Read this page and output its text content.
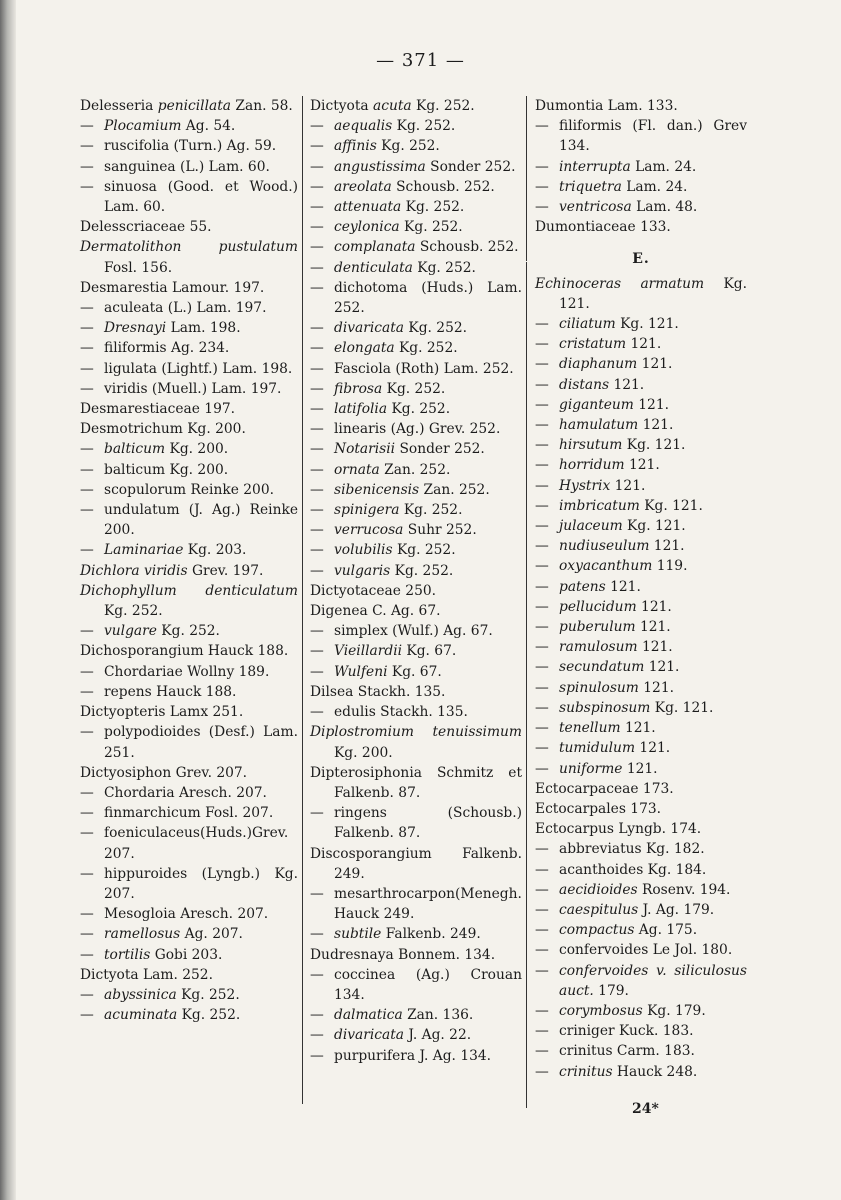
— 371 —
Delesseria penicillata Zan. 58.
— Plocamium Ag. 54.
— ruscifolia (Turn.) Ag. 59.
— sanguinea (L.) Lam. 60.
— sinuosa (Good. et Wood.) Lam. 60.
Delesscriaceae 55.
Dermatolithon pustulatum Fosl. 156.
Desmarestia Lamour. 197.
— aculeata (L.) Lam. 197.
— Dresnayi Lam. 198.
— filiformis Ag. 234.
— ligulata (Lightf.) Lam. 198.
— viridis (Muell.) Lam. 197.
Desmarestiaceae 197.
Desmotrichum Kg. 200.
— balticum Kg. 200.
— balticum Kg. 200.
— scopulorum Reinke 200.
— undulatum (J. Ag.) Reinke 200.
— Laminariae Kg. 203.
Dichlora viridis Grev. 197.
Dichophyllum denticulatum Kg. 252.
— vulgare Kg. 252.
Dichosporangium Hauck 188.
— Chordariae Wollny 189.
— repens Hauck 188.
Dictyopteris Lamx 251.
— polypodioides (Desf.) Lam. 251.
Dictyosiphon Grev. 207.
— Chordaria Aresch. 207.
— finmarchicum Fosl. 207.
— foeniculaceus(Huds.)Grev. 207.
— hippuroides (Lyngb.) Kg. 207.
— Mesogloia Aresch. 207.
— ramellosus Ag. 207.
— tortilis Gobi 203.
Dictyota Lam. 252.
— abyssinica Kg. 252.
— acuminata Kg. 252.
Dictyota acuta Kg. 252.
— aequalis Kg. 252.
— affinis Kg. 252.
— angustissima Sonder 252.
— areolata Schousb. 252.
— attenuata Kg. 252.
— ceylonica Kg. 252.
— complanata Schousb. 252.
— denticulata Kg. 252.
— dichotoma (Huds.) Lam. 252.
— divaricata Kg. 252.
— elongata Kg. 252.
— Fasciola (Roth) Lam. 252.
— fibrosa Kg. 252.
— latifolia Kg. 252.
— linearis (Ag.) Grev. 252.
— Notarisii Sonder 252.
— ornata Zan. 252.
— sibenicensis Zan. 252.
— spinigera Kg. 252.
— verrucosa Suhr 252.
— volubilis Kg. 252.
— vulgaris Kg. 252.
Dictyotaceae 250.
Digenea C. Ag. 67.
— simplex (Wulf.) Ag. 67.
— Vieillardii Kg. 67.
— Wulfeni Kg. 67.
Dilsea Stackh. 135.
— edulis Stackh. 135.
Diplostromium tenuissimum Kg. 200.
Dipterosiphonia Schmitz et Falkenb. 87.
— ringens (Schousb.) Falkenb. 87.
Discosporangium Falkenb. 249.
— mesarthrocarpon(Menegh. Hauck 249.
— subtile Falkenb. 249.
Dudresnaya Bonnem. 134.
— coccinea (Ag.) Crouan 134.
— dalmatica Zan. 136.
— divaricata J. Ag. 22.
— purpurifera J. Ag. 134.
Dumontia Lam. 133.
— filiformis (Fl. dan.) Grev 134.
— interrupta Lam. 24.
— triquetra Lam. 24.
— ventricosa Lam. 48.
Dumontiaceae 133.
E.
Echinoceras armatum Kg. 121.
— ciliatum Kg. 121.
— cristatum 121.
— diaphanum 121.
— distans 121.
— giganteum 121.
— hamulatum 121.
— hirsutum Kg. 121.
— horridum 121.
— Hystrix 121.
— imbricatum Kg. 121.
— julaceum Kg. 121.
— nudiuseulum 121.
— oxyacanthum 119.
— patens 121.
— pellucidum 121.
— puberulum 121.
— ramulosum 121.
— secundatum 121.
— spinulosum 121.
— subspinosum Kg. 121.
— tenellum 121.
— tumidulum 121.
— uniforme 121.
Ectocarpaceae 173.
Ectocarpales 173.
Ectocarpus Lyngb. 174.
— abbreviatus Kg. 182.
— acanthoides Kg. 184.
— aecidioides Rosenv. 194.
— caespitulus J. Ag. 179.
— compactus Ag. 175.
— confervoides Le Jol. 180.
— confervoides v. siliculosus auct. 179.
— corymbosus Kg. 179.
— criniger Kuck. 183.
— crinitus Carm. 183.
— crinitus Hauck 248.
24*
